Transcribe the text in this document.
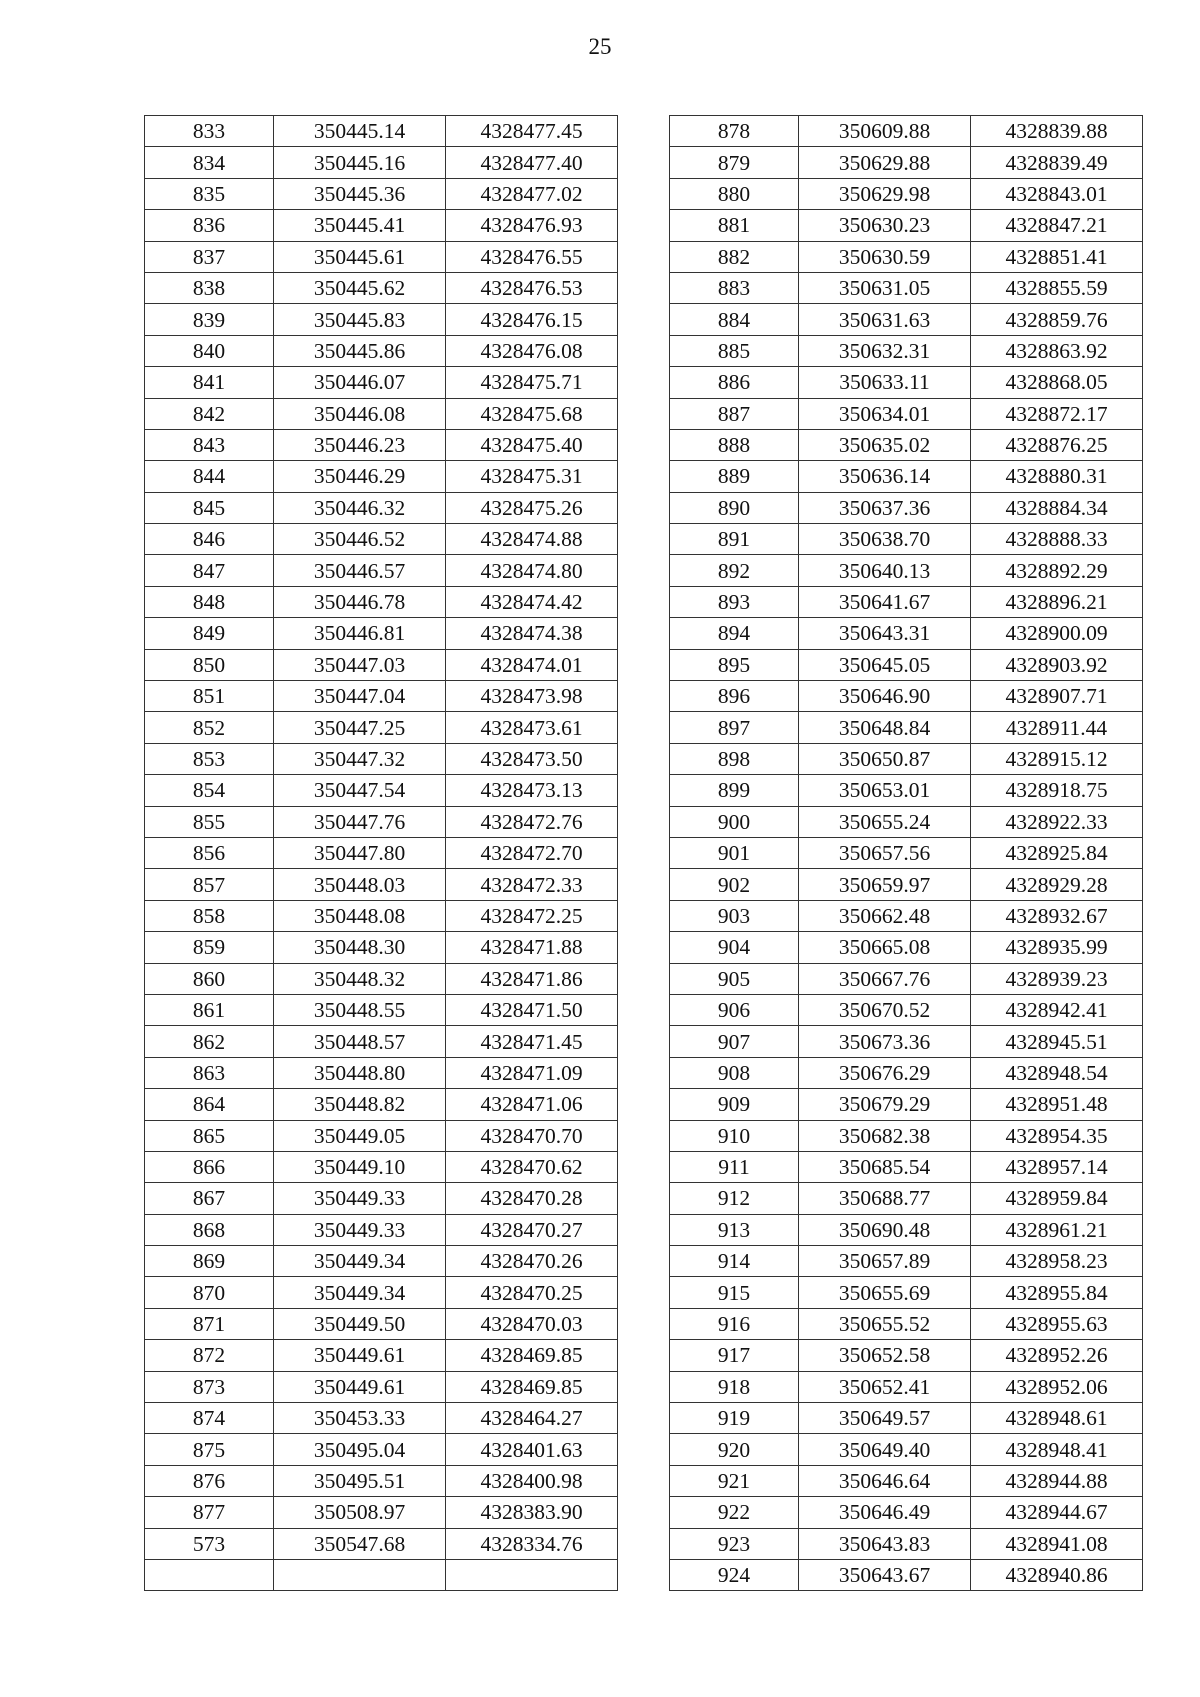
25
833	350445.14	4328477.45
834	350445.16	4328477.40
835	350445.36	4328477.02
836	350445.41	4328476.93
837	350445.61	4328476.55
838	350445.62	4328476.53
839	350445.83	4328476.15
840	350445.86	4328476.08
841	350446.07	4328475.71
842	350446.08	4328475.68
843	350446.23	4328475.40
844	350446.29	4328475.31
845	350446.32	4328475.26
846	350446.52	4328474.88
847	350446.57	4328474.80
848	350446.78	4328474.42
849	350446.81	4328474.38
850	350447.03	4328474.01
851	350447.04	4328473.98
852	350447.25	4328473.61
853	350447.32	4328473.50
854	350447.54	4328473.13
855	350447.76	4328472.76
856	350447.80	4328472.70
857	350448.03	4328472.33
858	350448.08	4328472.25
859	350448.30	4328471.88
860	350448.32	4328471.86
861	350448.55	4328471.50
862	350448.57	4328471.45
863	350448.80	4328471.09
864	350448.82	4328471.06
865	350449.05	4328470.70
866	350449.10	4328470.62
867	350449.33	4328470.28
868	350449.33	4328470.27
869	350449.34	4328470.26
870	350449.34	4328470.25
871	350449.50	4328470.03
872	350449.61	4328469.85
873	350449.61	4328469.85
874	350453.33	4328464.27
875	350495.04	4328401.63
876	350495.51	4328400.98
877	350508.97	4328383.90
573	350547.68	4328334.76

878	350609.88	4328839.88
879	350629.88	4328839.49
880	350629.98	4328843.01
881	350630.23	4328847.21
882	350630.59	4328851.41
883	350631.05	4328855.59
884	350631.63	4328859.76
885	350632.31	4328863.92
886	350633.11	4328868.05
887	350634.01	4328872.17
888	350635.02	4328876.25
889	350636.14	4328880.31
890	350637.36	4328884.34
891	350638.70	4328888.33
892	350640.13	4328892.29
893	350641.67	4328896.21
894	350643.31	4328900.09
895	350645.05	4328903.92
896	350646.90	4328907.71
897	350648.84	4328911.44
898	350650.87	4328915.12
899	350653.01	4328918.75
900	350655.24	4328922.33
901	350657.56	4328925.84
902	350659.97	4328929.28
903	350662.48	4328932.67
904	350665.08	4328935.99
905	350667.76	4328939.23
906	350670.52	4328942.41
907	350673.36	4328945.51
908	350676.29	4328948.54
909	350679.29	4328951.48
910	350682.38	4328954.35
911	350685.54	4328957.14
912	350688.77	4328959.84
913	350690.48	4328961.21
914	350657.89	4328958.23
915	350655.69	4328955.84
916	350655.52	4328955.63
917	350652.58	4328952.26
918	350652.41	4328952.06
919	350649.57	4328948.61
920	350649.40	4328948.41
921	350646.64	4328944.88
922	350646.49	4328944.67
923	350643.83	4328941.08
924	350643.67	4328940.86
